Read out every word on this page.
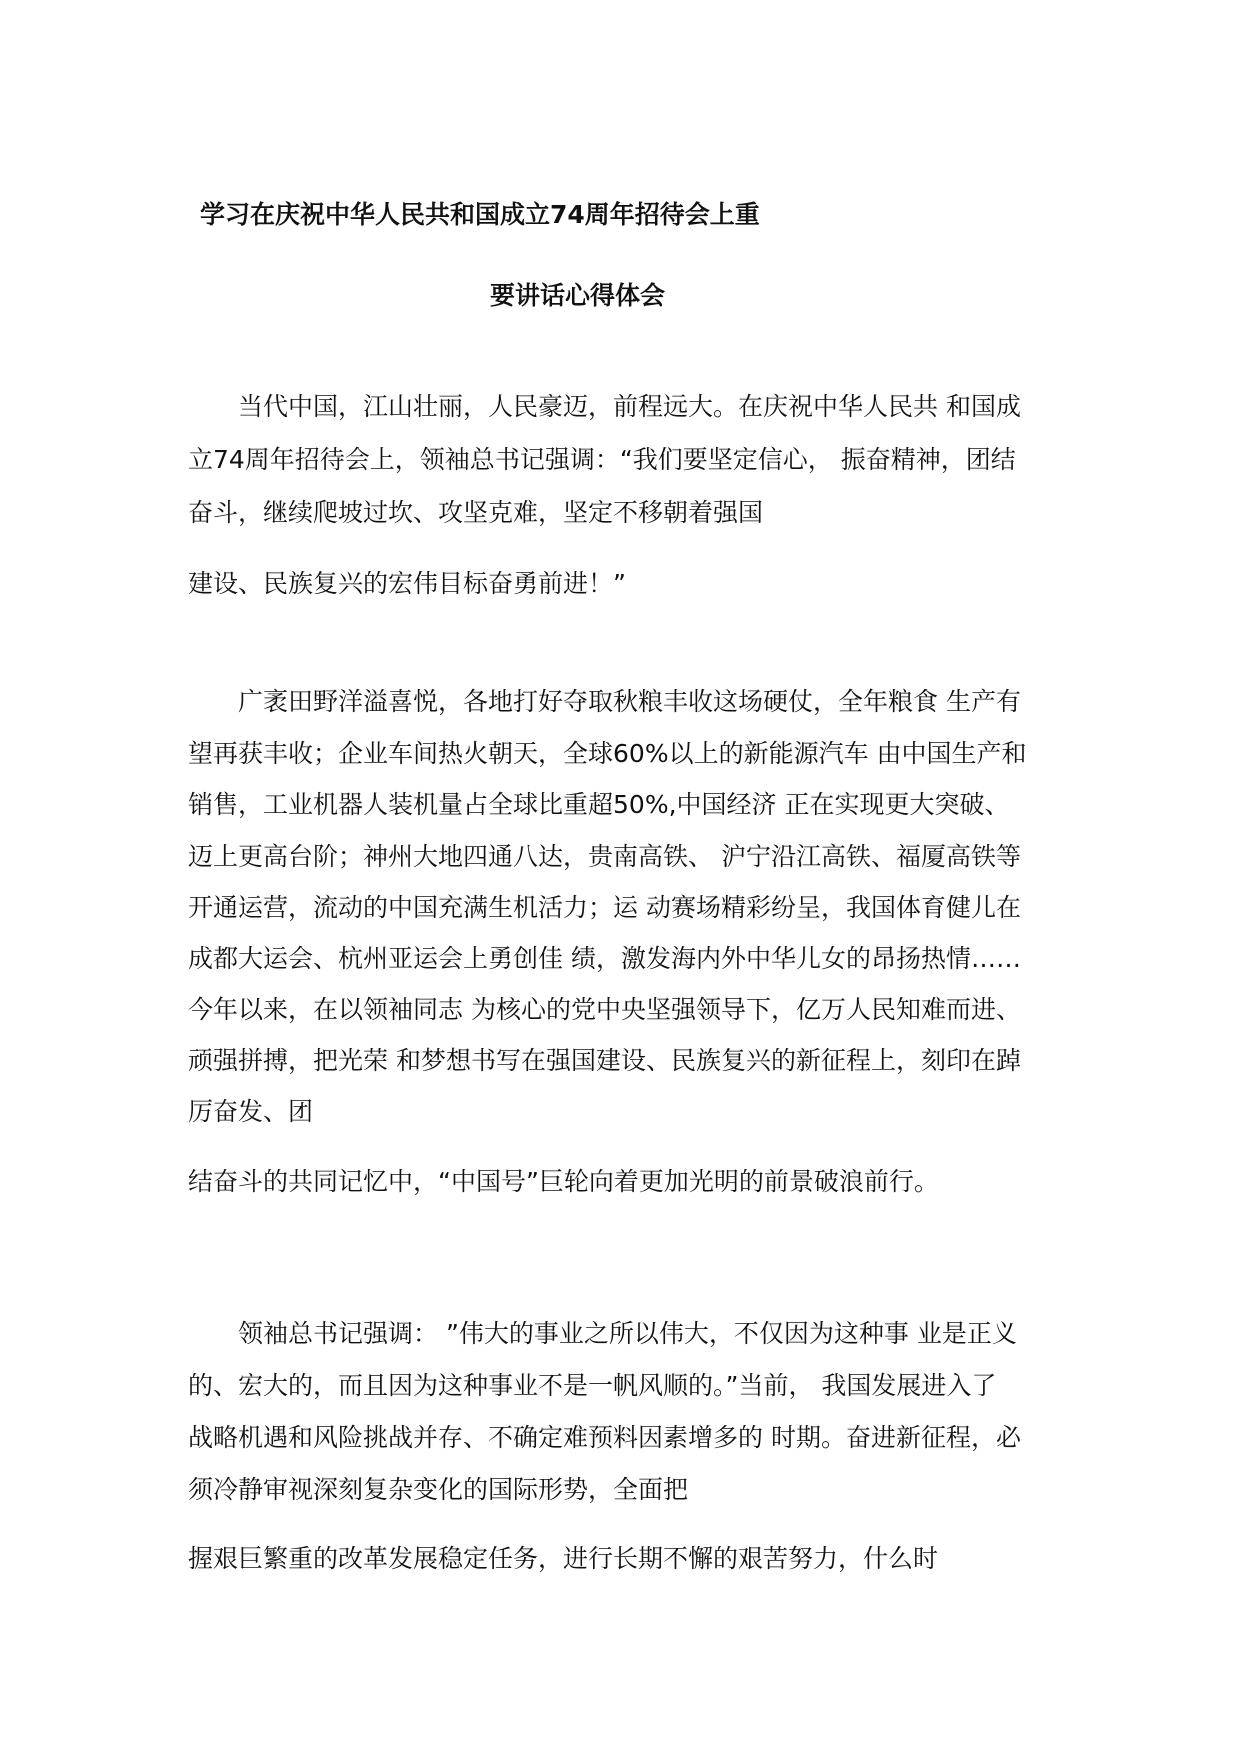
学习在庆祝中华人民共和国成立74周年招待会上重
要讲话心得体会
　　当代中国，江山壮丽，人民豪迈，前程远大。在庆祝中华人民共 和国成
立74周年招待会上，领袖总书记强调：“我们要坚定信心， 振奋精神，团结
奋斗，继续爬坡过坎、攻坚克难，坚定不移朝着强国
建设、民族复兴的宏伟目标奋勇前进！”
　　广袤田野洋溢喜悦，各地打好夺取秋粮丰收这场硬仗，全年粮食 生产有
望再获丰收；企业车间热火朝天，全球60%以上的新能源汽车 由中国生产和
销售，工业机器人装机量占全球比重超50%,中国经济 正在实现更大突破、
迈上更高台阶；神州大地四通八达，贵南高铁、 沪宁沿江高铁、福厦高铁等
开通运营，流动的中国充满生机活力；运 动赛场精彩纷呈，我国体育健儿在
成都大运会、杭州亚运会上勇创佳 绩，激发海内外中华儿女的昂扬热情……
今年以来，在以领袖同志 为核心的党中央坚强领导下，亿万人民知难而进、
顽强拼搏，把光荣 和梦想书写在强国建设、民族复兴的新征程上，刻印在踔
厉奋发、团
结奋斗的共同记忆中，“中国号”巨轮向着更加光明的前景破浪前行。
　　领袖总书记强调： ”伟大的事业之所以伟大，不仅因为这种事 业是正义
的、宏大的，而且因为这种事业不是一帆风顺的。”当前， 我国发展进入了
战略机遇和风险挑战并存、不确定难预料因素增多的 时期。奋进新征程，必
须冷静审视深刻复杂变化的国际形势，全面把
握艰巨繁重的改革发展稳定任务，进行长期不懈的艰苦努力，什么时
